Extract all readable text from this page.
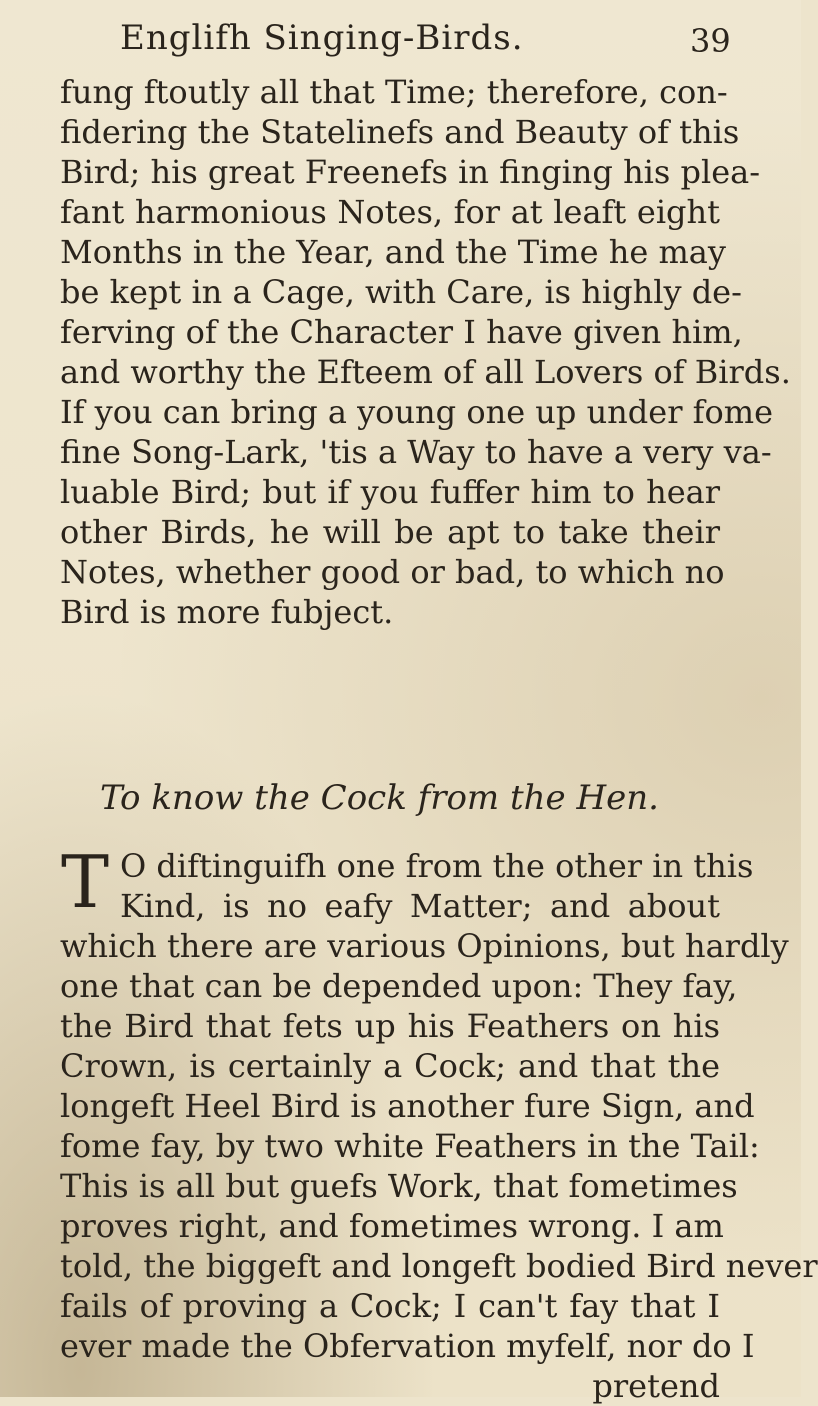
Englifh Singing-Birds.	39
fung ftoutly all that Time; therefore, con-
fidering the Statelinefs and Beauty of this
Bird; his great Freenefs in finging his plea-
fant harmonious Notes, for at leaft eight
Months in the Year, and the Time he may
be kept in a Cage, with Care, is highly de-
ferving of the Character I have given him,
and worthy the Efteem of all Lovers of Birds.
If you can bring a young one up under fome
fine Song-Lark, 'tis a Way to have a very va-
luable Bird; but if you fuffer him to hear
other Birds, he will be apt to take their
Notes, whether good or bad, to which no
Bird is more fubject.
To know the Cock from the Hen.
T O diftinguifh one from the other in this
Kind, is no eafy Matter; and about
which there are various Opinions, but hardly
one that can be depended upon: They fay,
the Bird that fets up his Feathers on his
Crown, is certainly a Cock; and that the
longeft Heel Bird is another fure Sign, and
fome fay, by two white Feathers in the Tail:
This is all but guefs Work, that fometimes
proves right, and fometimes wrong. I am
told, the biggeft and longeft bodied Bird never
fails of proving a Cock; I can't fay that I
ever made the Obfervation myfelf, nor do I
pretend
